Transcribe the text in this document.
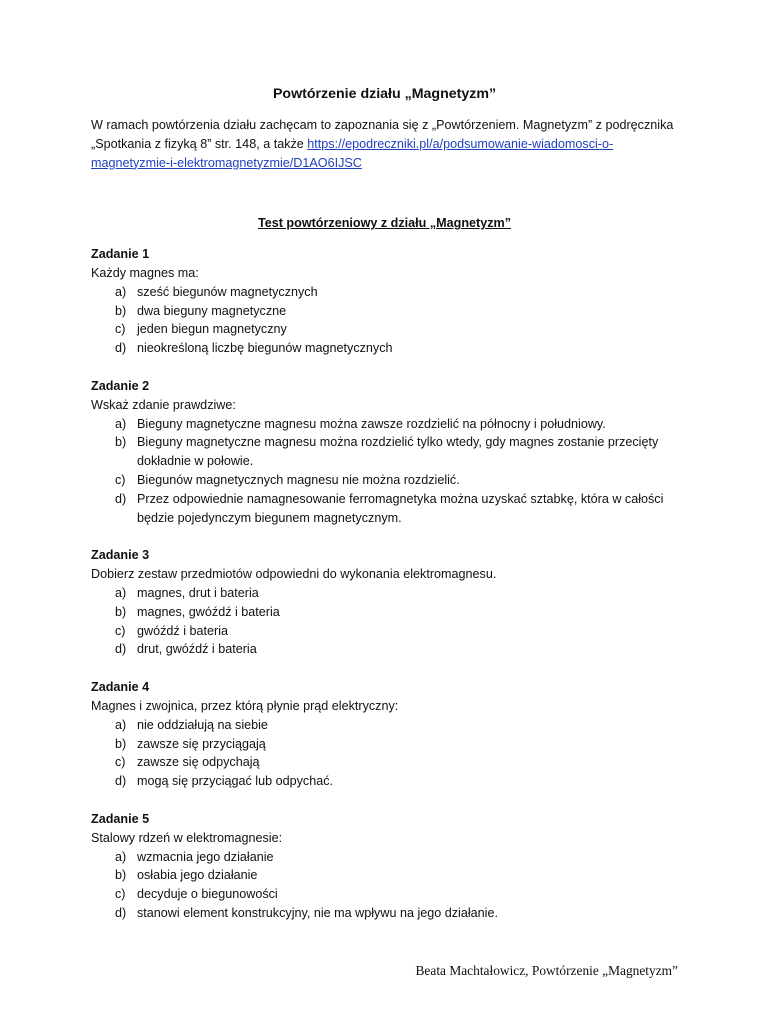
Powtórzenie działu „Magnetyzm”

W ramach powtórzenia działu zachęcam to zapoznania się z „Powtórzeniem. Magnetyzm” z podręcznika „Spotkania z fizyką 8” str. 148, a także https://epodreczniki.pl/a/podsumowanie-wiadomosci-o-magnetyzmie-i-elektromagnetyzmie/D1AO6IJSC

Test powtórzeniowy z działu „Magnetyzm”
Zadanie 1
Każdy magnes ma:
a) sześć biegunów magnetycznych
b) dwa bieguny magnetyczne
c) jeden biegun magnetyczny
d) nieokreśloną liczbę biegunów magnetycznych
Zadanie 2
Wskaż zdanie prawdziwe:
a) Bieguny magnetyczne magnesu można zawsze rozdzielić na północny i południowy.
b) Bieguny magnetyczne magnesu można rozdzielić tylko wtedy, gdy magnes zostanie przecięty dokładnie w połowie.
c) Biegunów magnetycznych magnesu nie można rozdzielić.
d) Przez odpowiednie namagnesowanie ferromagnetyka można uzyskać sztabkę, która w całości będzie pojedynczym biegunem magnetycznym.
Zadanie 3
Dobierz zestaw przedmiotów odpowiedni do wykonania elektromagnesu.
a) magnes, drut i bateria
b) magnes, gwóźdź i bateria
c) gwóźdź i bateria
d) drut, gwóźdź i bateria
Zadanie 4
Magnes i zwojnica, przez którą płynie prąd elektryczny:
a) nie oddziałują na siebie
b) zawsze się przyciągają
c) zawsze się odpychają
d) mogą się przyciągać lub odpychać.
Zadanie 5
Stalowy rdzeń w elektromagnesie:
a) wzmacnia jego działanie
b) osłabia jego działanie
c) decyduje o biegunowości
d) stanowi element konstrukcyjny, nie ma wpływu na jego działanie.
Beata Machtałowicz, Powtórzenie „Magnetyzm”
